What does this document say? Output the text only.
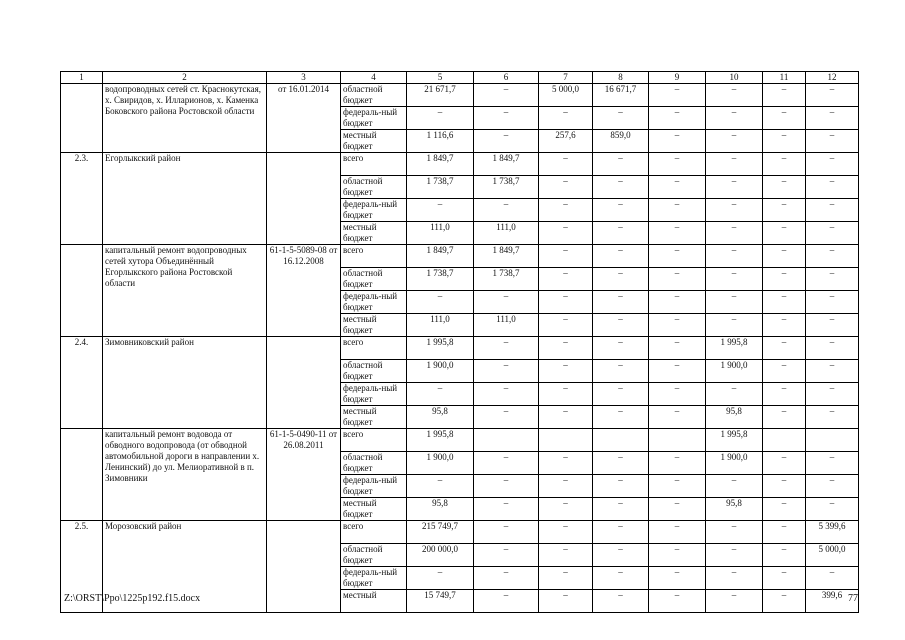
1	2	3	4	5	6	7	8	9	10	11	12
	водопроводных сетей ст. Краснокутская, х. Свиридов, х. Илларионов, х. Каменка Боковского района Ростовской области	от 16.01.2014	областной бюджет	21 671,7	–	5 000,0	16 671,7	–	–	–	–
			федераль-ный бюджет	–	–	–	–	–	–	–	–
			местный бюджет	1 116,6	–	257,6	859,0	–	–	–	–
2.3.	Егорлыкский район		всего	1 849,7	1 849,7	–	–	–	–	–	–
			областной бюджет	1 738,7	1 738,7	–	–	–	–	–	–
			федераль-ный бюджет	–	–	–	–	–	–	–	–
			местный бюджет	111,0	111,0	–	–	–	–	–	–
	капитальный ремонт водопроводных сетей хутора Объединённый Егорлыкского района Ростовской области	61-1-5-5089-08 от 16.12.2008	всего	1 849,7	1 849,7	–	–	–	–	–	–
			областной бюджет	1 738,7	1 738,7	–	–	–	–	–	–
			федераль-ный бюджет	–	–	–	–	–	–	–	–
			местный бюджет	111,0	111,0	–	–	–	–	–	–
2.4.	Зимовниковский район		всего	1 995,8	–	–	–	–	1 995,8	–	–
			областной бюджет	1 900,0	–	–	–	–	1 900,0	–	–
			федераль-ный бюджет	–	–	–	–	–	–	–	–
			местный бюджет	95,8	–	–	–	–	95,8	–	–
	капитальный ремонт водовода от обводного водопровода (от обводной автомобильной дороги в направлении х. Ленинский) до ул. Мелиоративной в п. Зимовники	61-1-5-0490-11 от 26.08.2011	всего	1 995,8					1 995,8		
			областной бюджет	1 900,0	–	–	–	–	1 900,0	–	–
			федераль-ный бюджет	–	–	–	–	–	–	–	–
			местный бюджет	95,8	–	–	–	–	95,8	–	–
2.5.	Морозовский район		всего	215 749,7	–	–	–	–	–	–	5 399,6
			областной бюджет	200 000,0	–	–	–	–	–	–	5 000,0
			федераль-ный бюджет	–	–	–	–	–	–	–	–
			местный	15 749,7	–	–	–	–	–	–	399,6
Z:\ORST\Ppo\1225p192.f15.docx	77
